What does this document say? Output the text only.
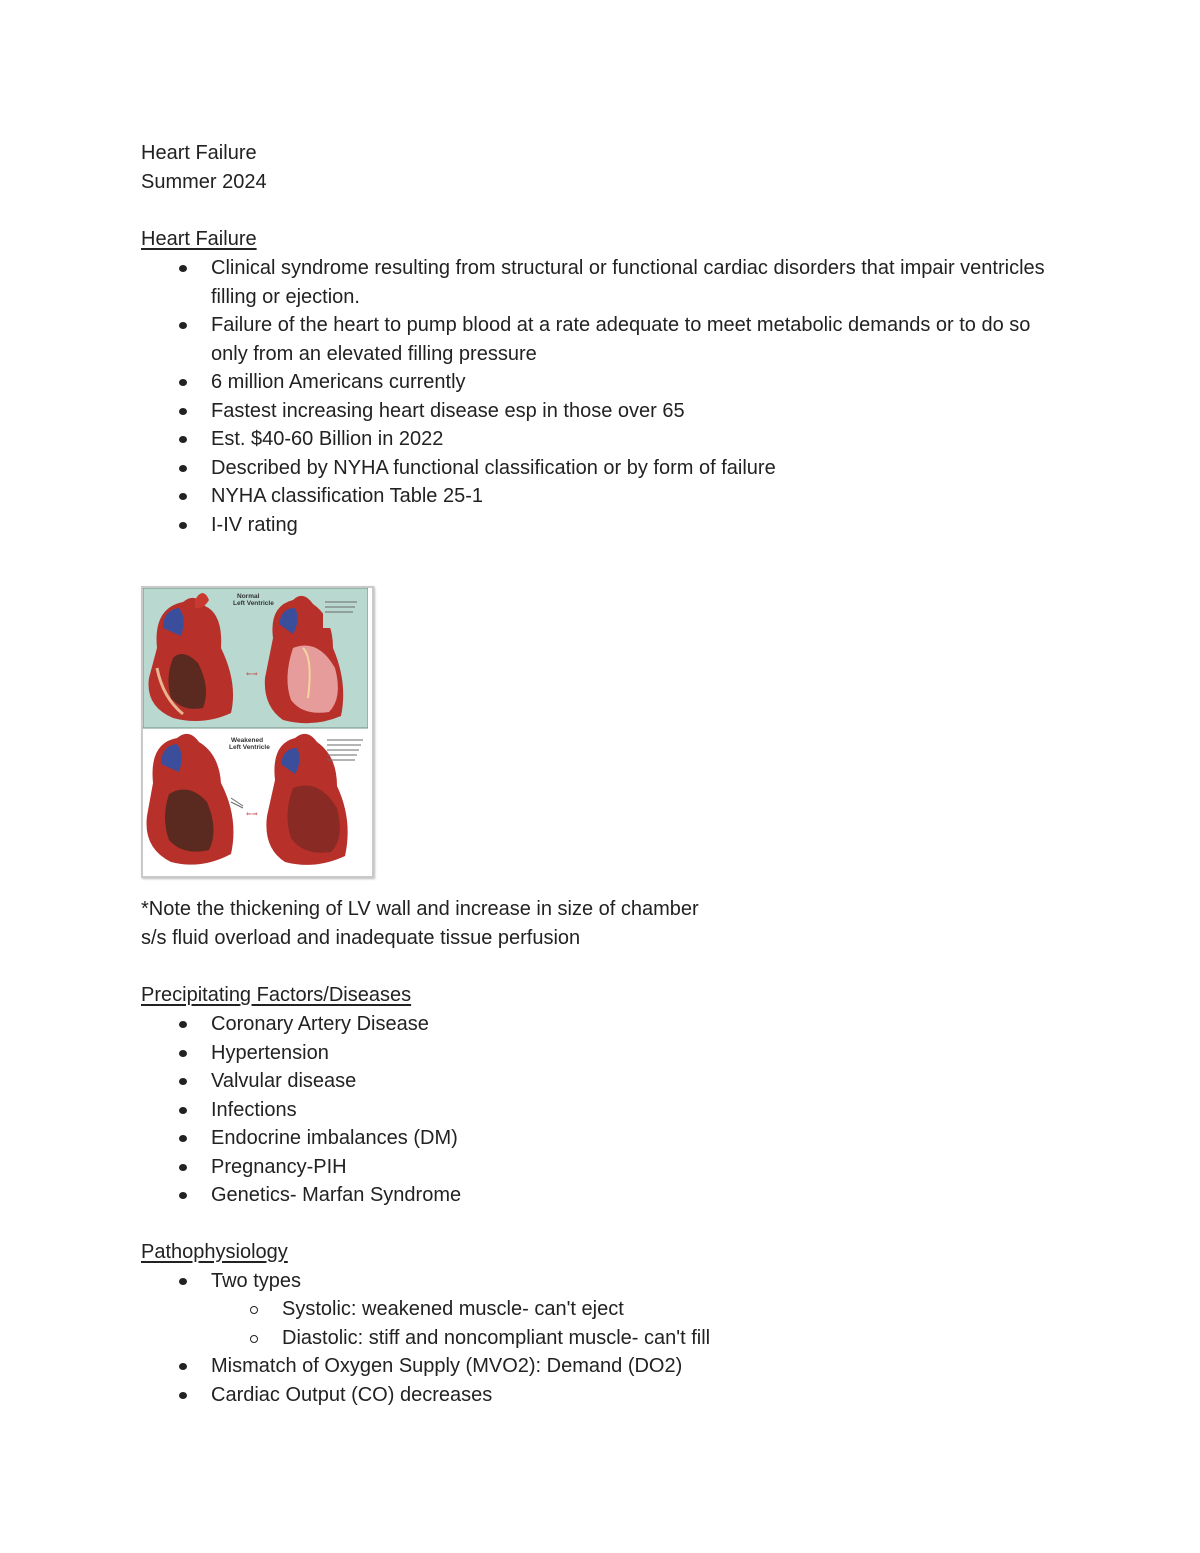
Heart Failure
Summer 2024
Heart Failure
Clinical syndrome resulting from structural or functional cardiac disorders that impair ventricles filling or ejection.
Failure of the heart to pump blood at a rate adequate to meet metabolic demands or to do so only from an elevated filling pressure
6 million Americans currently
Fastest increasing heart disease esp in those over 65
Est. $40-60 Billion in 2022
Described by NYHA functional classification or by form of failure
NYHA classification Table 25-1
I-IV rating
⇐⇒
Normal Left Ventricle
Weakened Left Ventricle
⇐⇒
*Note the thickening of LV wall and increase in size of chamber
s/s fluid overload and inadequate tissue perfusion
Precipitating Factors/Diseases
Coronary Artery Disease
Hypertension
Valvular disease
Infections
Endocrine imbalances (DM)
Pregnancy-PIH
Genetics- Marfan Syndrome
Pathophysiology
Two types
Systolic: weakened muscle- can't eject
Diastolic: stiff and noncompliant muscle- can't fill
Mismatch of Oxygen Supply (MVO2): Demand (DO2)
Cardiac Output (CO) decreases
